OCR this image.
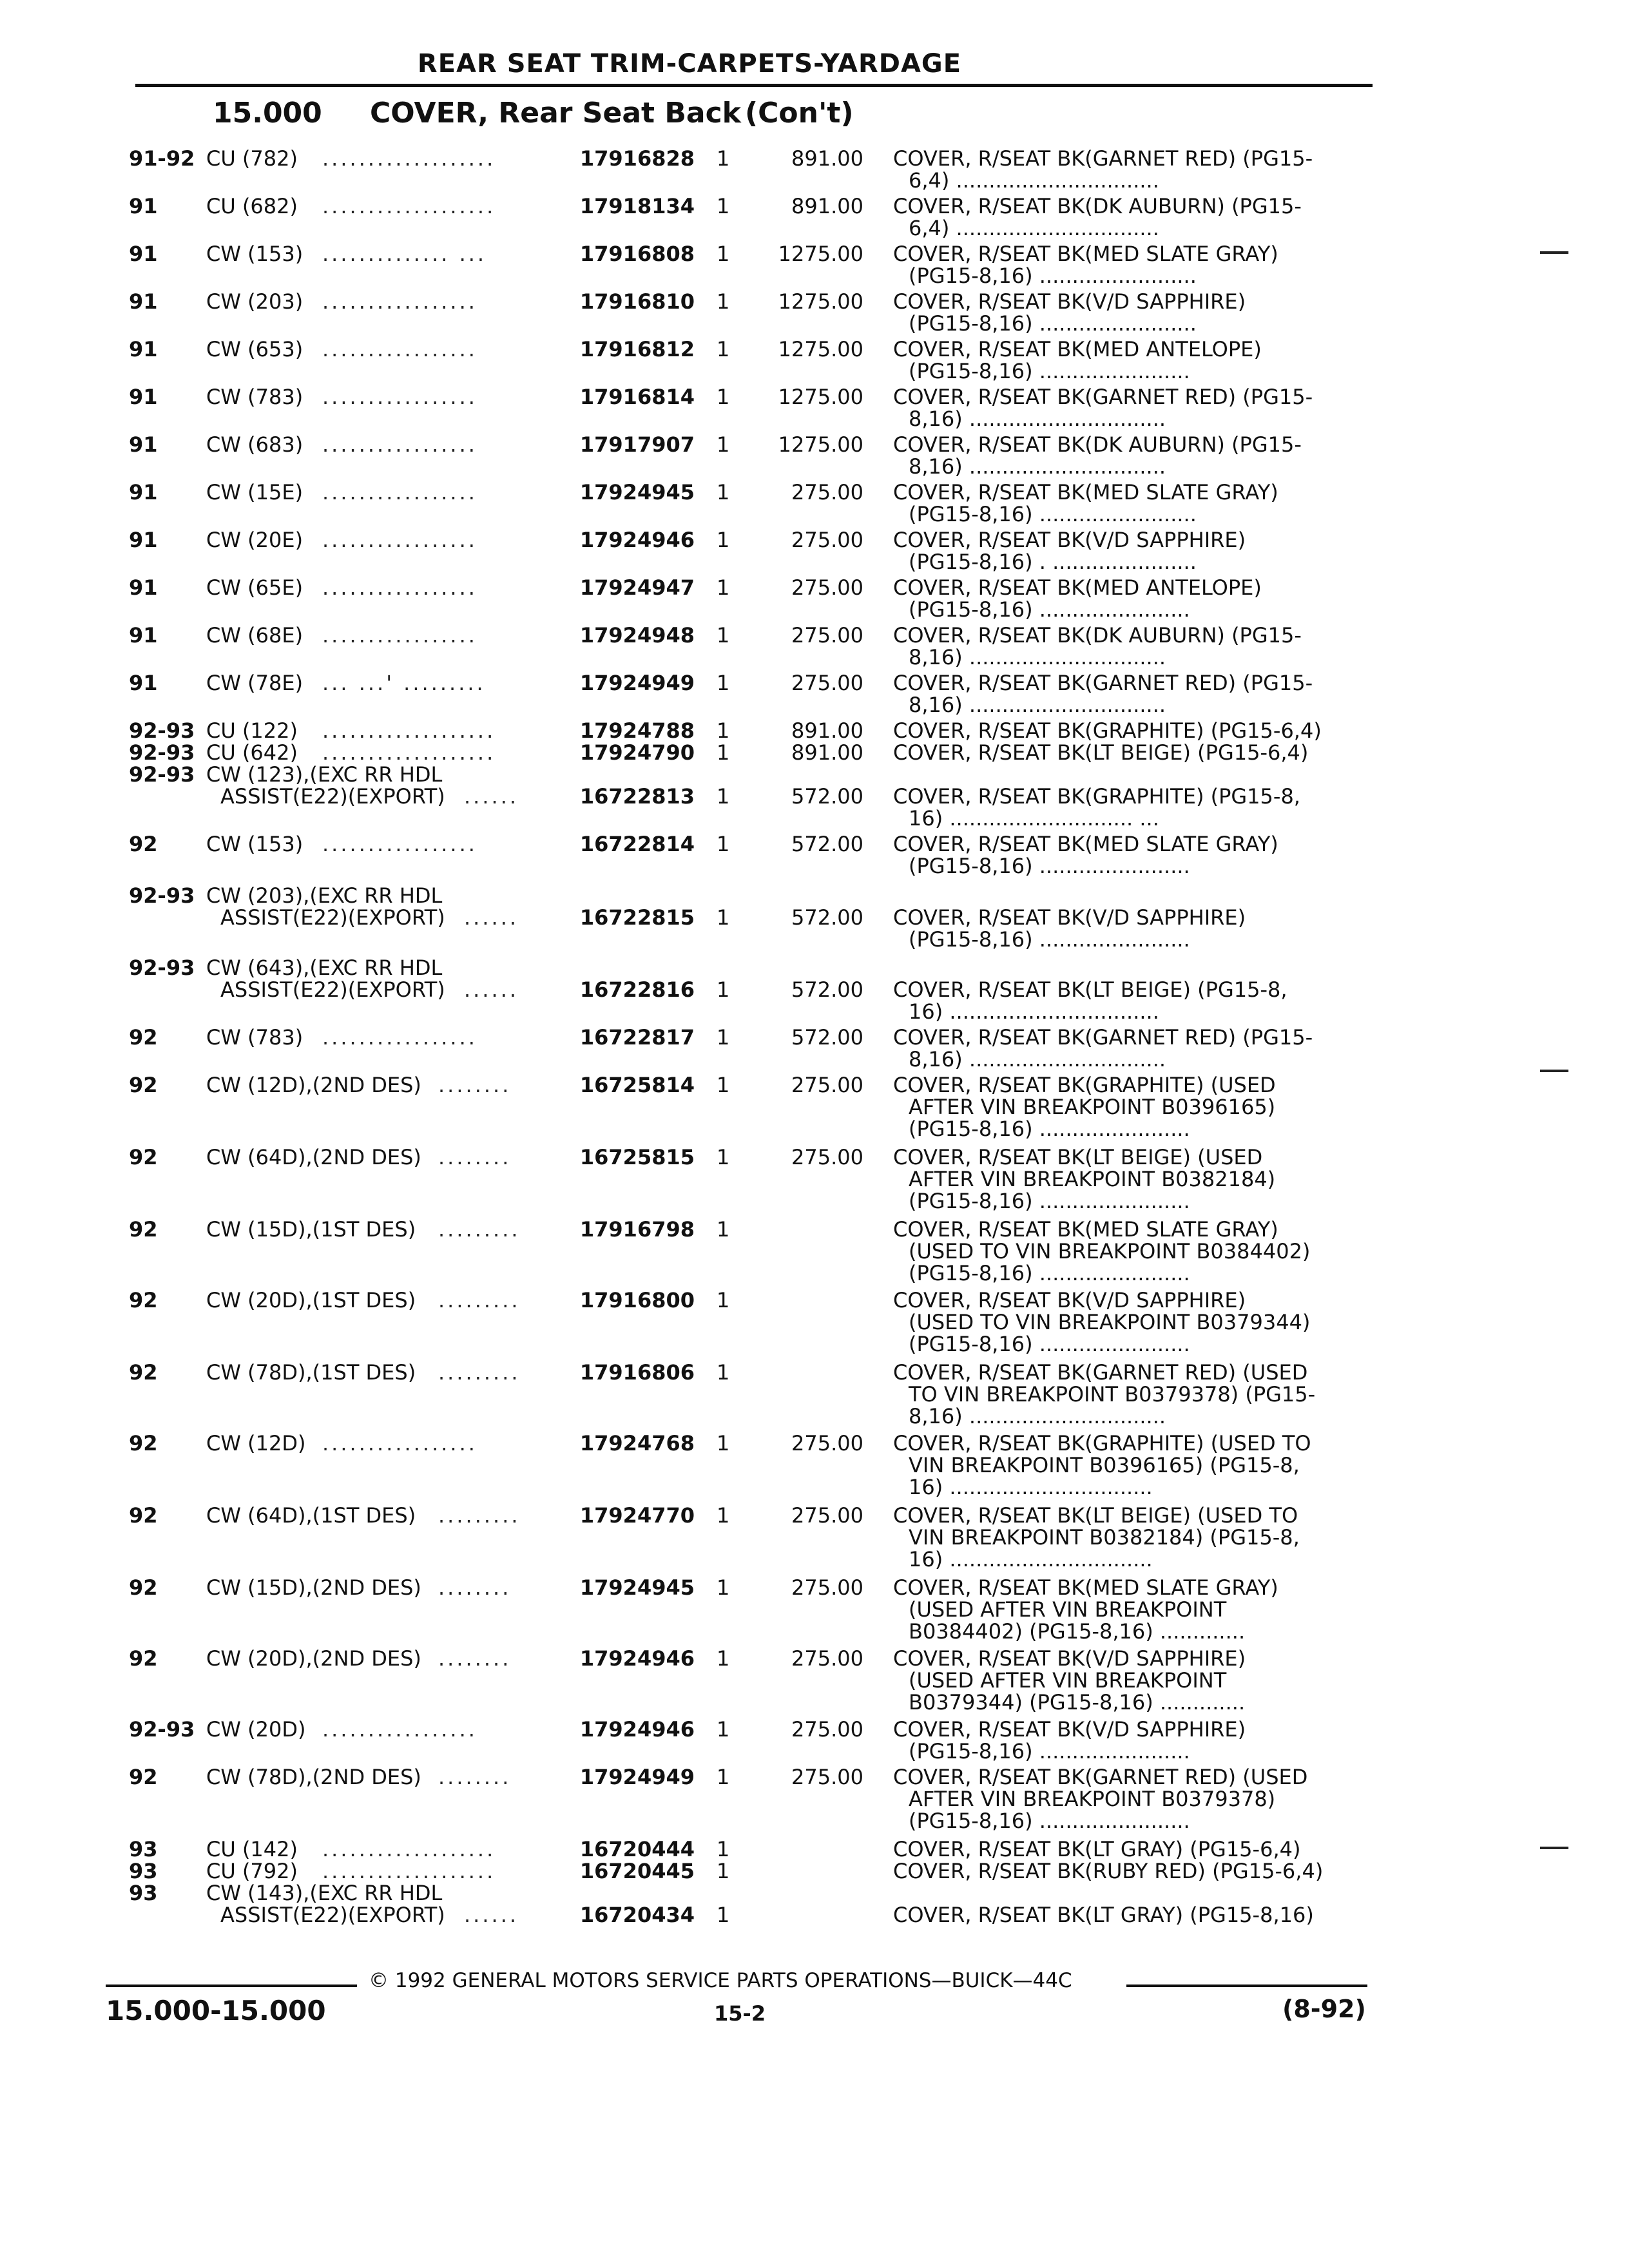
REAR SEAT TRIM-CARPETS-YARDAGE
15.000 COVER, Rear Seat Back (Con't)
91-92 CU (782) ...................	17916828 1	891.00 COVER, R/SEAT BK(GARNET RED) (PG15-
6,4) ...............................
91 CU (682) ...................	17918134 1	891.00 COVER, R/SEAT BK(DK AUBURN) (PG15-
6,4) ...............................
91 CW (153) .............. ...	17916808 1	1275.00 COVER, R/SEAT BK(MED SLATE GRAY)
(PG15-8,16) ........................
91 CW (203) .................	17916810 1	1275.00 COVER, R/SEAT BK(V/D SAPPHIRE)
(PG15-8,16) ........................
91 CW (653) .................	17916812 1	1275.00 COVER, R/SEAT BK(MED ANTELOPE)
(PG15-8,16) .......................
91 CW (783) .................	17916814 1	1275.00 COVER, R/SEAT BK(GARNET RED) (PG15-
8,16) ..............................
91 CW (683) .................	17917907 1	1275.00 COVER, R/SEAT BK(DK AUBURN) (PG15-
8,16) ..............................
91 CW (15E) .................	17924945 1	275.00 COVER, R/SEAT BK(MED SLATE GRAY)
(PG15-8,16) ........................
91 CW (20E) .................	17924946 1	275.00 COVER, R/SEAT BK(V/D SAPPHIRE)
(PG15-8,16) . ......................
91 CW (65E) .................	17924947 1	275.00 COVER, R/SEAT BK(MED ANTELOPE)
(PG15-8,16) .......................
91 CW (68E) .................	17924948 1	275.00 COVER, R/SEAT BK(DK AUBURN) (PG15-
8,16) ..............................
91 CW (78E) ... ...' .........	17924949 1	275.00 COVER, R/SEAT BK(GARNET RED) (PG15-
8,16) ..............................
92-93 CU (122) ...................	17924788 1	891.00 COVER, R/SEAT BK(GRAPHITE) (PG15-6,4)
92-93 CU (642) ...................	17924790 1	891.00 COVER, R/SEAT BK(LT BEIGE) (PG15-6,4)
92-93 CW (123),(EXC RR HDL
ASSIST(E22)(EXPORT) ......	16722813 1	572.00 COVER, R/SEAT BK(GRAPHITE) (PG15-8,
16) ............................ ...
92 CW (153) .................	16722814 1	572.00 COVER, R/SEAT BK(MED SLATE GRAY)
(PG15-8,16) .......................
92-93 CW (203),(EXC RR HDL
ASSIST(E22)(EXPORT) ......	16722815 1	572.00 COVER, R/SEAT BK(V/D SAPPHIRE)
(PG15-8,16) .......................
92-93 CW (643),(EXC RR HDL
ASSIST(E22)(EXPORT) ......	16722816 1	572.00 COVER, R/SEAT BK(LT BEIGE) (PG15-8,
16) ................................
92 CW (783) .................	16722817 1	572.00 COVER, R/SEAT BK(GARNET RED) (PG15-
8,16) ..............................
92 CW (12D),(2ND DES) ........	16725814 1	275.00 COVER, R/SEAT BK(GRAPHITE) (USED
AFTER VIN BREAKPOINT B0396165)
(PG15-8,16) .......................
92 CW (64D),(2ND DES) ........	16725815 1	275.00 COVER, R/SEAT BK(LT BEIGE) (USED
AFTER VIN BREAKPOINT B0382184)
(PG15-8,16) .......................
92 CW (15D),(1ST DES) .........	17916798 1	COVER, R/SEAT BK(MED SLATE GRAY)
(USED TO VIN BREAKPOINT B0384402)
(PG15-8,16) .......................
92 CW (20D),(1ST DES) .........	17916800 1	COVER, R/SEAT BK(V/D SAPPHIRE)
(USED TO VIN BREAKPOINT B0379344)
(PG15-8,16) .......................
92 CW (78D),(1ST DES) .........	17916806 1	COVER, R/SEAT BK(GARNET RED) (USED
TO VIN BREAKPOINT B0379378) (PG15-
8,16) ..............................
92 CW (12D) .................	17924768 1	275.00 COVER, R/SEAT BK(GRAPHITE) (USED TO
VIN BREAKPOINT B0396165) (PG15-8,
16) ...............................
92 CW (64D),(1ST DES) .........	17924770 1	275.00 COVER, R/SEAT BK(LT BEIGE) (USED TO
VIN BREAKPOINT B0382184) (PG15-8,
16) ...............................
92 CW (15D),(2ND DES) ........	17924945 1	275.00 COVER, R/SEAT BK(MED SLATE GRAY)
(USED AFTER VIN BREAKPOINT
B0384402) (PG15-8,16) .............
92 CW (20D),(2ND DES) ........	17924946 1	275.00 COVER, R/SEAT BK(V/D SAPPHIRE)
(USED AFTER VIN BREAKPOINT
B0379344) (PG15-8,16) .............
92-93 CW (20D) .................	17924946 1	275.00 COVER, R/SEAT BK(V/D SAPPHIRE)
(PG15-8,16) .......................
92 CW (78D),(2ND DES) ........	17924949 1	275.00 COVER, R/SEAT BK(GARNET RED) (USED
AFTER VIN BREAKPOINT B0379378)
(PG15-8,16) .......................
93 CU (142) ...................	16720444 1	COVER, R/SEAT BK(LT GRAY) (PG15-6,4)
93 CU (792) ...................	16720445 1	COVER, R/SEAT BK(RUBY RED) (PG15-6,4)
93 CW (143),(EXC RR HDL
ASSIST(E22)(EXPORT) ......	16720434 1	COVER, R/SEAT BK(LT GRAY) (PG15-8,16)
© 1992 GENERAL MOTORS SERVICE PARTS OPERATIONS—BUICK—44C
15.000-15.000	15-2	(8-92)
